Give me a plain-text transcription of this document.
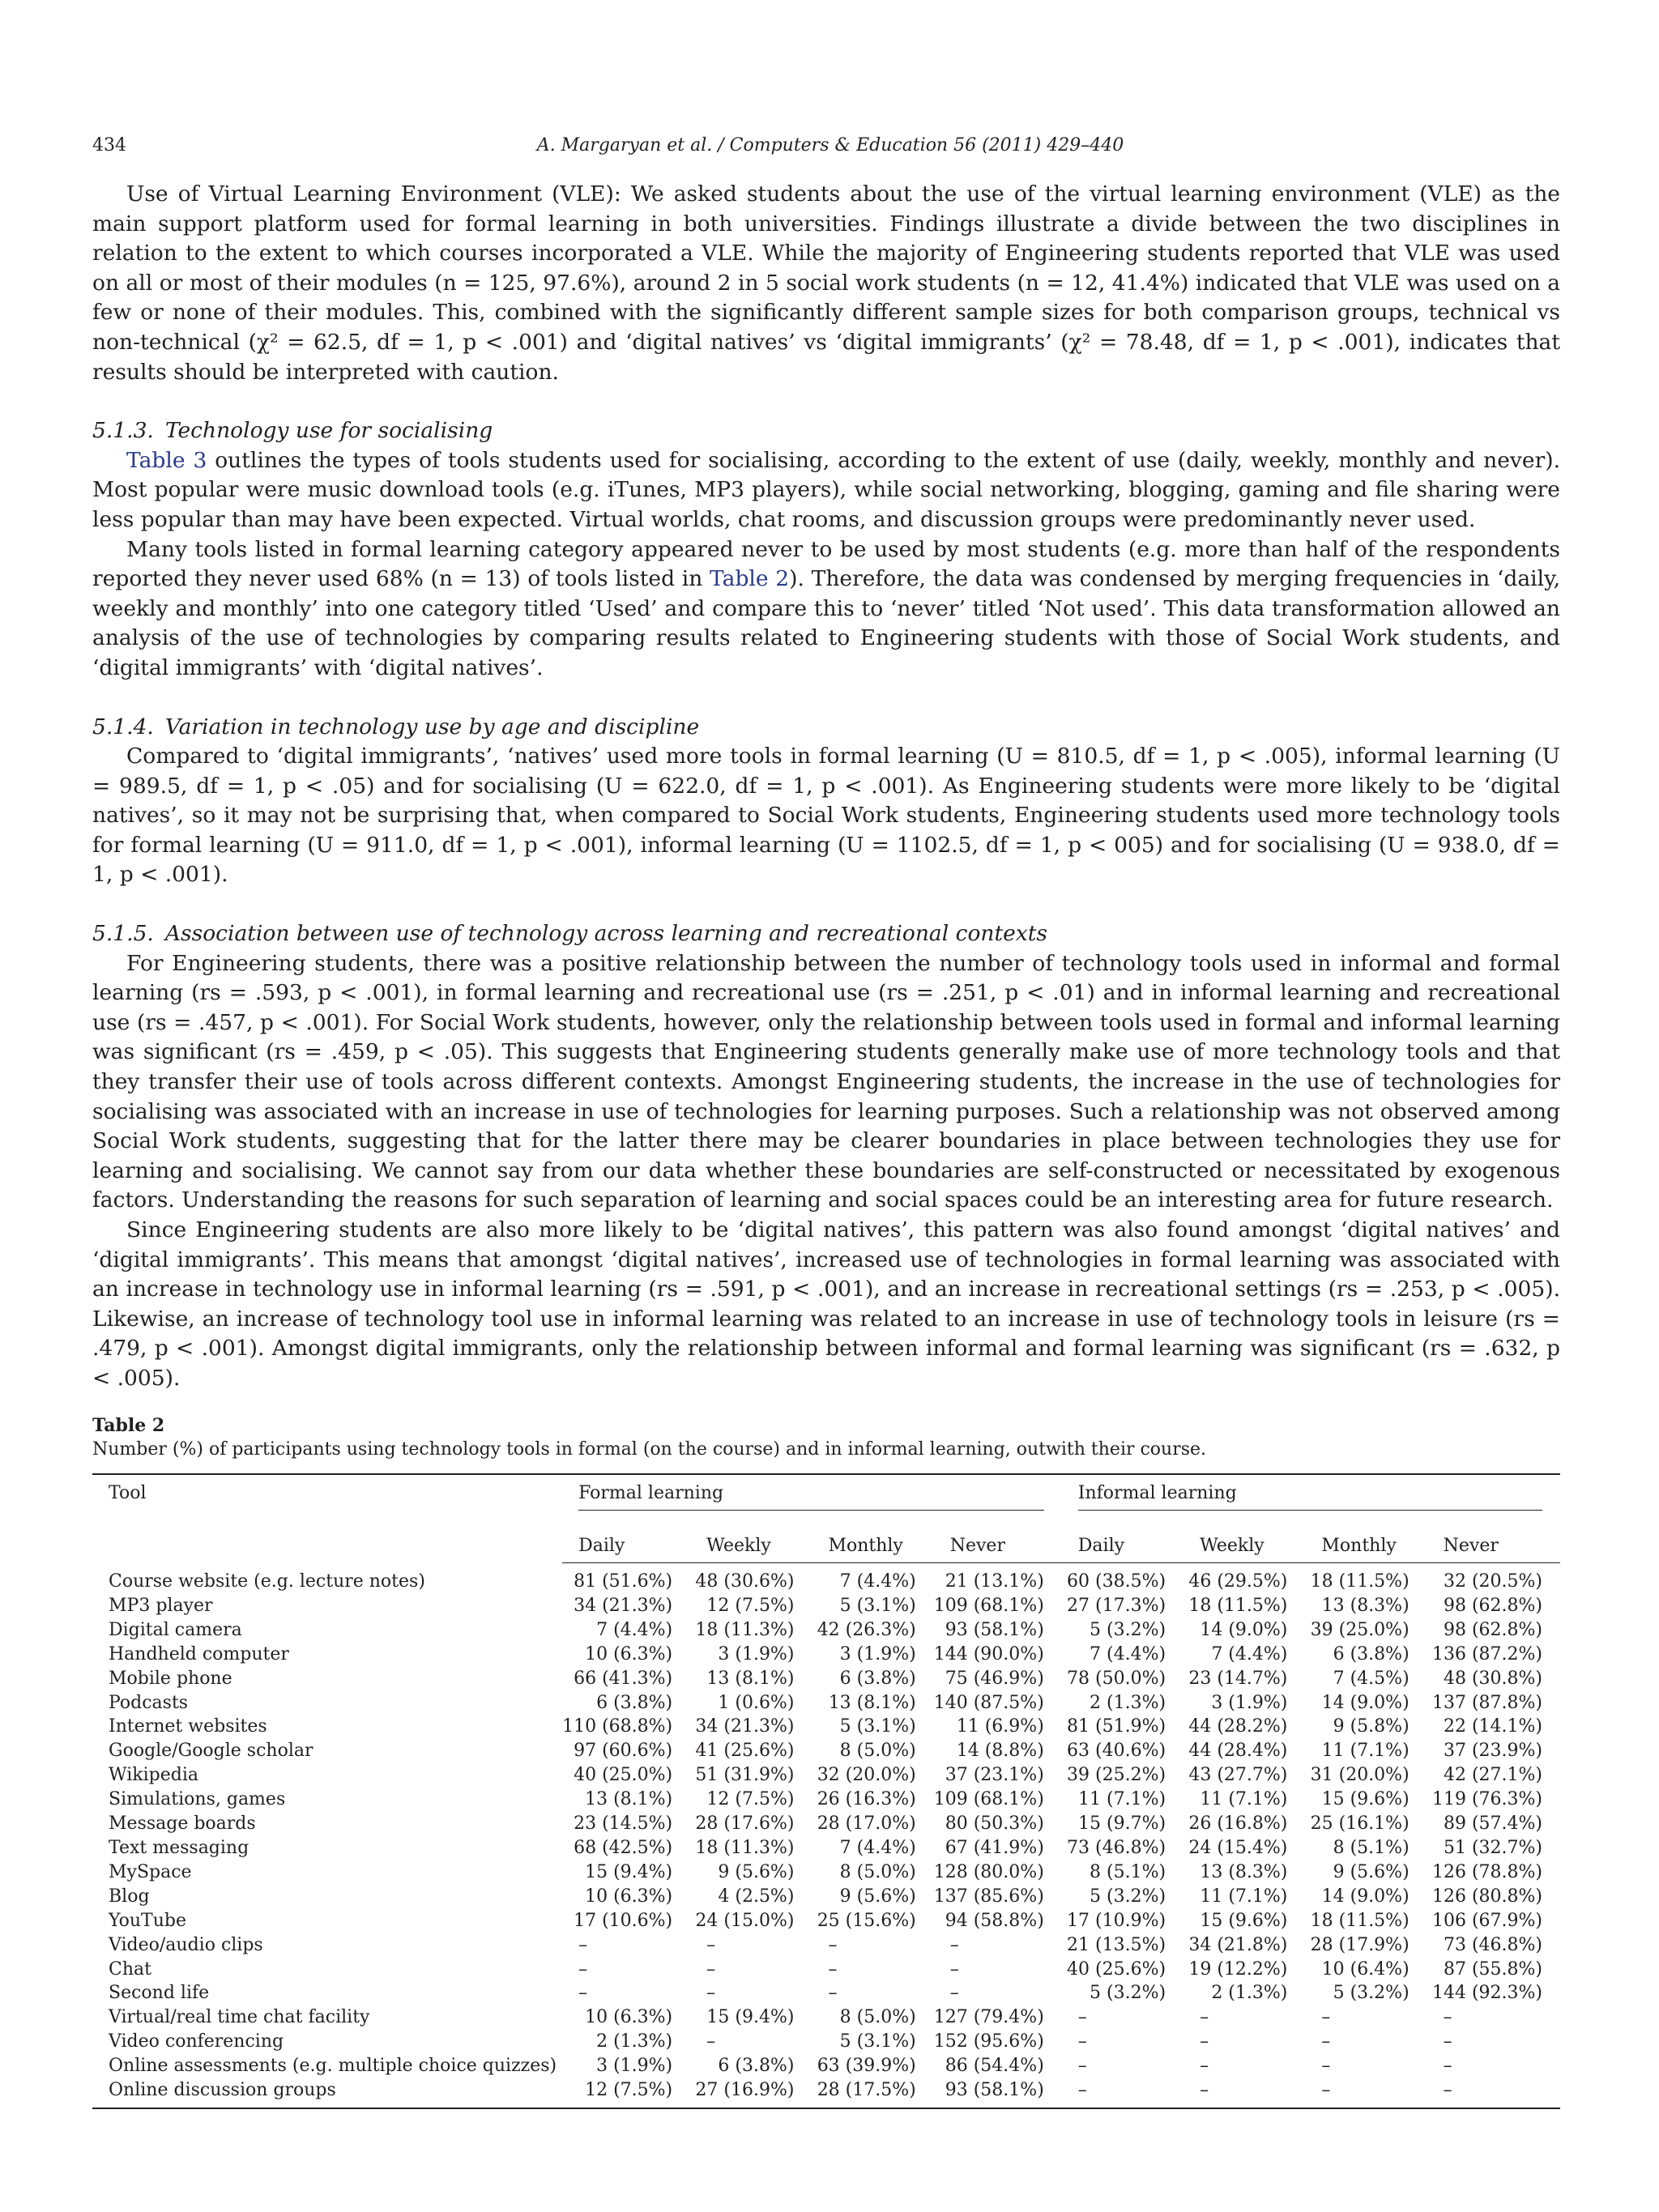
434	A. Margaryan et al. / Computers & Education 56 (2011) 429–440

Use of Virtual Learning Environment (VLE): We asked students about the use of the virtual learning environment (VLE) as the main support platform used for formal learning in both universities. Findings illustrate a divide between the two disciplines in relation to the extent to which courses incorporated a VLE. While the majority of Engineering students reported that VLE was used on all or most of their modules (n = 125, 97.6%), around 2 in 5 social work students (n = 12, 41.4%) indicated that VLE was used on a few or none of their modules. This, combined with the significantly different sample sizes for both comparison groups, technical vs non-technical (χ² = 62.5, df = 1, p < .001) and ‘digital natives’ vs ‘digital immigrants’ (χ² = 78.48, df = 1, p < .001), indicates that results should be interpreted with caution.

5.1.3. Technology use for socialising

Table 3 outlines the types of tools students used for socialising, according to the extent of use (daily, weekly, monthly and never). Most popular were music download tools (e.g. iTunes, MP3 players), while social networking, blogging, gaming and file sharing were less popular than may have been expected. Virtual worlds, chat rooms, and discussion groups were predominantly never used.

Many tools listed in formal learning category appeared never to be used by most students (e.g. more than half of the respondents reported they never used 68% (n = 13) of tools listed in Table 2). Therefore, the data was condensed by merging frequencies in ‘daily, weekly and monthly’ into one category titled ‘Used’ and compare this to ‘never’ titled ‘Not used’. This data transformation allowed an analysis of the use of technologies by comparing results related to Engineering students with those of Social Work students, and ‘digital immigrants’ with ‘digital natives’.

5.1.4. Variation in technology use by age and discipline

Compared to ‘digital immigrants’, ‘natives’ used more tools in formal learning (U = 810.5, df = 1, p < .005), informal learning (U = 989.5, df = 1, p < .05) and for socialising (U = 622.0, df = 1, p < .001). As Engineering students were more likely to be ‘digital natives’, so it may not be surprising that, when compared to Social Work students, Engineering students used more technology tools for formal learning (U = 911.0, df = 1, p < .001), informal learning (U = 1102.5, df = 1, p < 005) and for socialising (U = 938.0, df = 1, p < .001).

5.1.5. Association between use of technology across learning and recreational contexts

For Engineering students, there was a positive relationship between the number of technology tools used in informal and formal learning (rs = .593, p < .001), in formal learning and recreational use (rs = .251, p < .01) and in informal learning and recreational use (rs = .457, p < .001). For Social Work students, however, only the relationship between tools used in formal and informal learning was significant (rs = .459, p < .05). This suggests that Engineering students generally make use of more technology tools and that they transfer their use of tools across different contexts. Amongst Engineering students, the increase in the use of technologies for socialising was associated with an increase in use of technologies for learning purposes. Such a relationship was not observed among Social Work students, suggesting that for the latter there may be clearer boundaries in place between technologies they use for learning and socialising. We cannot say from our data whether these boundaries are self-constructed or necessitated by exogenous factors. Understanding the reasons for such separation of learning and social spaces could be an interesting area for future research.

Since Engineering students are also more likely to be ‘digital natives’, this pattern was also found amongst ‘digital natives’ and ‘digital immigrants’. This means that amongst ‘digital natives’, increased use of technologies in formal learning was associated with an increase in technology use in informal learning (rs = .591, p < .001), and an increase in recreational settings (rs = .253, p < .005). Likewise, an increase of technology tool use in informal learning was related to an increase in use of technology tools in leisure (rs = .479, p < .001). Amongst digital immigrants, only the relationship between informal and formal learning was significant (rs = .632, p < .005).

Table 2
Number (%) of participants using technology tools in formal (on the course) and in informal learning, outwith their course.
Tool	Formal learning				Informal learning			

	Daily	Weekly	Monthly	Never	Daily	Weekly	Monthly	Never
Course website (e.g. lecture notes)	81 (51.6%)	48 (30.6%)	7 (4.4%)	21 (13.1%)	60 (38.5%)	46 (29.5%)	18 (11.5%)	32 (20.5%)
MP3 player	34 (21.3%)	12 (7.5%)	5 (3.1%)	109 (68.1%)	27 (17.3%)	18 (11.5%)	13 (8.3%)	98 (62.8%)
Digital camera	7 (4.4%)	18 (11.3%)	42 (26.3%)	93 (58.1%)	5 (3.2%)	14 (9.0%)	39 (25.0%)	98 (62.8%)
Handheld computer	10 (6.3%)	3 (1.9%)	3 (1.9%)	144 (90.0%)	7 (4.4%)	7 (4.4%)	6 (3.8%)	136 (87.2%)
Mobile phone	66 (41.3%)	13 (8.1%)	6 (3.8%)	75 (46.9%)	78 (50.0%)	23 (14.7%)	7 (4.5%)	48 (30.8%)
Podcasts	6 (3.8%)	1 (0.6%)	13 (8.1%)	140 (87.5%)	2 (1.3%)	3 (1.9%)	14 (9.0%)	137 (87.8%)
Internet websites	110 (68.8%)	34 (21.3%)	5 (3.1%)	11 (6.9%)	81 (51.9%)	44 (28.2%)	9 (5.8%)	22 (14.1%)
Google/Google scholar	97 (60.6%)	41 (25.6%)	8 (5.0%)	14 (8.8%)	63 (40.6%)	44 (28.4%)	11 (7.1%)	37 (23.9%)
Wikipedia	40 (25.0%)	51 (31.9%)	32 (20.0%)	37 (23.1%)	39 (25.2%)	43 (27.7%)	31 (20.0%)	42 (27.1%)
Simulations, games	13 (8.1%)	12 (7.5%)	26 (16.3%)	109 (68.1%)	11 (7.1%)	11 (7.1%)	15 (9.6%)	119 (76.3%)
Message boards	23 (14.5%)	28 (17.6%)	28 (17.0%)	80 (50.3%)	15 (9.7%)	26 (16.8%)	25 (16.1%)	89 (57.4%)
Text messaging	68 (42.5%)	18 (11.3%)	7 (4.4%)	67 (41.9%)	73 (46.8%)	24 (15.4%)	8 (5.1%)	51 (32.7%)
MySpace	15 (9.4%)	9 (5.6%)	8 (5.0%)	128 (80.0%)	8 (5.1%)	13 (8.3%)	9 (5.6%)	126 (78.8%)
Blog	10 (6.3%)	4 (2.5%)	9 (5.6%)	137 (85.6%)	5 (3.2%)	11 (7.1%)	14 (9.0%)	126 (80.8%)
YouTube	17 (10.6%)	24 (15.0%)	25 (15.6%)	94 (58.8%)	17 (10.9%)	15 (9.6%)	18 (11.5%)	106 (67.9%)
Video/audio clips	–	–	–	–	21 (13.5%)	34 (21.8%)	28 (17.9%)	73 (46.8%)
Chat	–	–	–	–	40 (25.6%)	19 (12.2%)	10 (6.4%)	87 (55.8%)
Second life	–	–	–	–	5 (3.2%)	2 (1.3%)	5 (3.2%)	144 (92.3%)
Virtual/real time chat facility	10 (6.3%)	15 (9.4%)	8 (5.0%)	127 (79.4%)	–	–	–	–
Video conferencing	2 (1.3%)	–	5 (3.1%)	152 (95.6%)	–	–	–	–
Online assessments (e.g. multiple choice quizzes)	3 (1.9%)	6 (3.8%)	63 (39.9%)	86 (54.4%)	–	–	–	–
Online discussion groups	12 (7.5%)	27 (16.9%)	28 (17.5%)	93 (58.1%)	–	–	–	–
